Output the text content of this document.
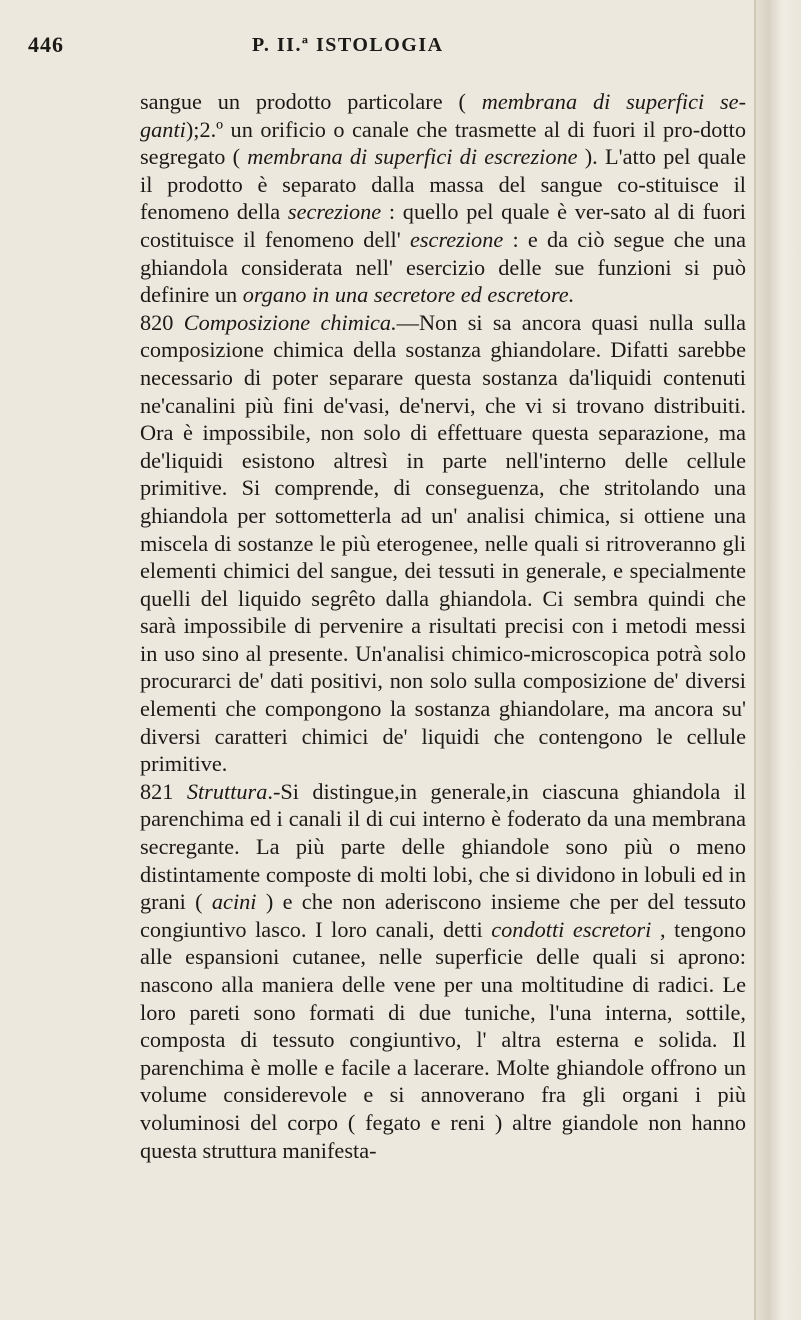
446	P. II.ª ISTOLOGIA

sangue un prodotto particolare ( membrana di superfici se-ganti);2.º un orificio o canale che trasmette al di fuori il pro-dotto segregato ( membrana di superfici di escrezione ). L'atto pel quale il prodotto è separato dalla massa del sangue co-stituisce il fenomeno della secrezione : quello pel quale è ver-sato al di fuori costituisce il fenomeno dell' escrezione : e da ciò segue che una ghiandola considerata nell' esercizio delle sue funzioni si può definire un organo in una secretore ed escretore.

820 Composizione chimica.—Non si sa ancora quasi nulla sulla composizione chimica della sostanza ghiandolare. Difatti sarebbe necessario di poter separare questa sostanza da'liquidi contenuti ne'canalini più fini de'vasi, de'nervi, che vi si trovano distribuiti. Ora è impossibile, non solo di effettuare questa separazione, ma de'liquidi esistono altresì in parte nell'interno delle cellule primitive. Si comprende, di conseguenza, che stritolando una ghiandola per sottometterla ad un' analisi chimica, si ottiene una miscela di sostanze le più eterogenee, nelle quali si ritroveranno gli elementi chimici del sangue, dei tessuti in generale, e specialmente quelli del liquido segrêto dalla ghiandola. Ci sembra quindi che sarà impossibile di pervenire a risultati precisi con i metodi messi in uso sino al presente. Un'analisi chimico-microscopica potrà solo procurarci de' dati positivi, non solo sulla composizione de' diversi elementi che compongono la sostanza ghiandolare, ma ancora su' diversi caratteri chimici de' liquidi che contengono le cellule primitive.

821 Struttura.-Si distingue,in generale,in ciascuna ghiandola il parenchima ed i canali il di cui interno è foderato da una membrana secregante. La più parte delle ghiandole sono più o meno distintamente composte di molti lobi, che si dividono in lobuli ed in grani ( acini ) e che non aderiscono insieme che per del tessuto congiuntivo lasco. I loro canali, detti condotti escretori , tengono alle espansioni cutanee, nelle superficie delle quali si aprono: nascono alla maniera delle vene per una moltitudine di radici. Le loro pareti sono formati di due tuniche, l'una interna, sottile, composta di tessuto congiuntivo, l' altra esterna e solida. Il parenchima è molle e facile a lacerare. Molte ghiandole offrono un volume considerevole e si annoverano fra gli organi i più voluminosi del corpo ( fegato e reni ) altre giandole non hanno questa struttura manifesta-
